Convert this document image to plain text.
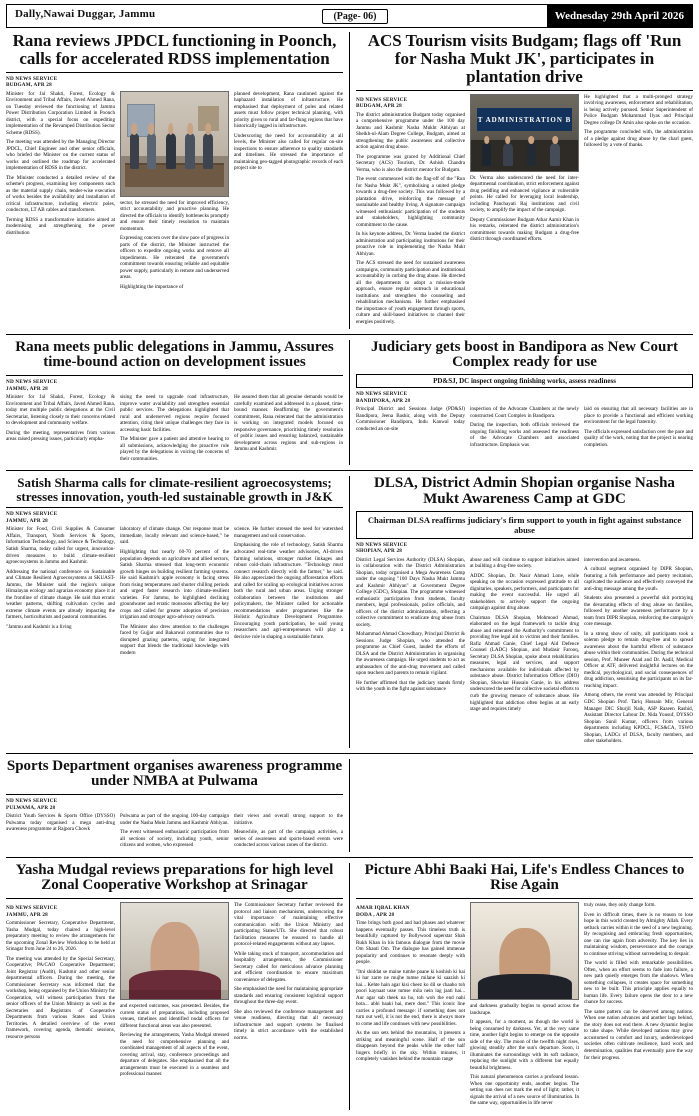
Dally,Nawai Duggar, Jammu	(Page- 06)	Wednesday 29th April 2026
Rana reviews JPDCL functioning in Poonch, calls for accelerated RDSS implementation
ND NEWS SERVICE
BUDGAM, APR 28

Minister for Jal Shakti, Forest, Ecology & Environment and Tribal Affairs, Javed Ahmed Rana, on Tuesday reviewed the functioning of Jammu Power Distribution Corporation Limited in Poonch district, with a special focus on expediting implementation of the Revamped Distribution Sector Scheme (RDSS).

The meeting was attended by the Managing Director JPDCL, Chief Engineer and other senior officials, who briefed the Minister on the current status of works and outlined the roadmap for accelerated implementation of RDSS in the district.

The Minister conducted a detailed review of the scheme's progress, examining key components such as the material supply chain, tender-wise execution of works besides the availability and installation of critical infrastructure, including electric poles, conductors, LT AB cables and transformers.

Terming RDSS a transformative initiative aimed at modernising and strengthening the power distribution

sector, he stressed the need for improved efficiency, strict accountability and proactive planning. He directed the officials to identify bottlenecks promptly and ensure their timely resolution to maintain momentum.

Expressing concern over the slow pace of progress in parts of the district, the Minister instructed the officers to expedite ongoing works and remove all impediments. He reiterated the government's commitment towards ensuring reliable and equitable power supply, particularly in remote and underserved areas.

Highlighting the importance of

planned development, Rana cautioned against the haphazard installation of infrastructure. He emphasised that deployment of poles and related assets must follow proper technical planning, with priority given to rural and far-flung regions that have historically lagged in infrastructure.

Underscoring the need for accountability at all levels, the Minister also called for regular on-site inspections to ensure adherence to quality standards and timelines. He stressed the importance of maintaining geo-tagged photographic records of each project site to

ACS Tourism visits Budgam; flags off 'Run for Nasha Mukt JK', participates in plantation drive
ND NEWS SERVICE
BUDGAM, APR 28

The district administration Budgam today organised a comprehensive programme under the 100 day Jammu and Kashmir Nasha Mukht Abhiyan at Sheikh-ul-Alam Degree College, Budgam, aimed at strengthening the public awareness and collective action against drug abuse.

The programme was graced by Additional Chief Secretary (ACS) Tourism, Dr. Ashish Chandra Verma, who is also the district mentor for Budgam.

The event commenced with the flag-off of the "Run for Nasha Mukt JK", symbolising a united pledge towards a drug-free society. This was followed by a plantation drive, reinforcing the message of sustainable and healthy living. A signature campaign witnessed enthusiastic participation of the students and stakeholders, highlighting community commitment to the cause.

In his keynote address, Dr. Verma lauded the district administration and participating institutions for their proactive role in implementing the Nasha Mukt Abhiyan.

The ACS stressed the need for sustained awareness campaigns, community participation and institutional accountability in curbing the drug abuse. He directed all the departments to adopt a mission-mode approach, ensure regular outreach in educational institutions and strengthen the counseling and rehabilitation mechanisms. He further emphasised the importance of youth engagement through sports, culture and skill-based initiatives to channel their energies positively.

T ADMINISTRATION B

Dr. Verma also underscored the need for inter-departmental coordination, strict enforcement against drug peddling and enhanced vigilance at vulnerable points. He called for leveraging local leadership, including Panchayati Raj institutions and civil society, to amplify the impact of the campaign.

Deputy Commissioner Budgam Athar Aamir Khan in his remarks, reiterated the district administration's commitment towards making Budgam a drug-free district through coordinated efforts.

He highlighted that a multi-pronged strategy involving awareness, enforcement and rehabilitation, is being actively pursued. Senior Superintendent of Police Budgam Mohammad Ilyas and Principal Degree college Dr Amin also spoke on the occasion.

The programme concluded with, the administration of a pledge against drug abuse by the charl guest, followed by a vote of thanks.

Rana meets public delegations in Jammu, Assures time-bound action on development issues
ND NEWS SERVICE
JAMMU, APR 28

Minister for Jal Shakti, Forest, Ecology & Environment and Tribal Affairs, Javed Ahmed Rana, today met multiple public delegations at the Civil Secretariat, listening closely to their concerns related to development and community welfare.

During the meeting, representatives from various areas raised pressing issues, particularly empha-

sising the need to upgrade road infrastructure, improve water availability and strengthen essential public services. The delegations highlighted that rural and underserved regions require focused attention, citing their unique challenges they face in accessing basic facilities.

The Minister gave a patient and attentive hearing to all submissions, acknowledging the proactive role played by the delegations in voicing the concerns of their communities.

He assured them that all genuine demands would be carefully examined and addressed in a phased, time-bound manner. Reaffirming the government's commitment, Rana reiterated that the administration is working on integrated models focused on responsive governance, prioritising timely resolution of public issues and ensuring balanced, sustainable development across regions and sub-regions in Jammu and Kashmir.

Judiciary gets boost in Bandipora as New Court Complex ready for use
PD&SJ, DC inspect ongoing finishing works, assess readiness
ND NEWS SERVICE
BANDIPORA, APR 28

Principal District and Sessions Judge (PD&SJ) Bandipora, Jeena Bashir, along with the Deputy Commissioner Bandipora, Indu Kanwal today conducted an on-site

inspection of the Advocate Chambers at the newly constructed Court Complex in Bandipora.

During the inspection, both officials reviewed the ongoing finishing works and assessed the readiness of the Advocate Chambers and associated infrastructure. Emphasis was

laid on ensuring that all necessary facilities are in place to provide a functional and efficient working environment for the legal fraternity.

The officials expressed satisfaction over the pace and quality of the work, noting that the project is nearing completion.

Satish Sharma calls for climate-resilient agroecosystems; stresses innovation, youth-led sustainable growth in J&K
ND NEWS SERVICE
JAMMU, APR 28

Minister for Food, Civil Supplies & Consumer Affairs, Transport, Youth Services & Sports, Information Technology, and Science & Technology, Satish Sharma, today called for urgent, innovation-driven measures to build climate-resilient agroecosystems in Jammu and Kashmir.

Addressing the national conference on Sustainable and Climate Resilient Agroecosystems at SKUAST-Jammu, the Minister said the region's unique Himalayan ecology and agrarian economy place it at the frontline of climate change. He said that erratic weather patterns, shifting cultivation cycles and extreme climate events are already impacting the farmers, horticulturists and pastoral communities.

"Jammu and Kashmir is a living

laboratory of climate change. Our response must be immediate, locally relevant and science-based," he said.

Highlighting that nearly 60-70 percent of the population depends on agriculture and allied sectors, Satish Sharma stressed that long-term economic growth hinges on building resilient farming systems. He said Kashmir's apple economy is facing stress from rising temperatures and shorter chilling periods and urged faster research into climate-resilient varieties. For Jammu, he highlighted declining groundwater and erratic monsoons affecting the key crops and called for greater adoption of precision irrigation and stronger agro-advisory outreach.

The Minister also drew attention to the challenges faced by Gujjar and Bakarwal communities due to disrupted grazing patterns, urging for integrated support that blends the traditional knowledge with modern

science. He further stressed the need for watershed management and soil conservation.

Emphasising the role of technology, Satish Sharma advocated real-time weather advisories, AI-driven farming solutions, stronger market linkages and robust cold-chain infrastructure. "Technology must connect research directly with the farmer," he said. He also appreciated the ongoing afforestation efforts and called for scaling up ecological initiatives across both the rural and urban areas. Urging stronger collaboration between the institutions and policymakers, the Minister called for actionable recommendations under programmes like the Holistic Agriculture Development Programme. Encouraging youth participation, he said young researchers and agri-entrepreneurs will play a decisive role in shaping a sustainable future.

DLSA, District Admin Shopian organise Nasha Mukt Awareness Camp at GDC
Chairman DLSA reaffirms judiciary's firm support to youth in fight against substance abuse
ND NEWS SERVICE
SHOPIAN, APR 28

District Legal Services Authority (DLSA) Shopian, in collaboration with the District Administration Shopian, today organised a Mega Awareness Camp under the ongoing "100 Days Nasha Mukt Jammu and Kashmir Abhiyan" at Government Degree College (GDC), Shopian. The programme witnessed enthusiastic participation from students, faculty members, legal professionals, police officials, and officers of the district administration, reflecting a collective commitment to eradicate drug abuse from society.

Mohammad Ahmad Chowdhary, Principal District & Sessions Judge Shopian, who attended the programme as Chief Guest, lauded the efforts of DLSA and the District Administration in organising the awareness campaign. He urged students to act as ambassadors of the anti-drug movement and called upon teachers and parents to remain vigilant.

He further affirmed that the judiciary stands firmly with the youth in the fight against substance

abuse and will continue to support initiatives aimed at building a drug-free society.

ADDC Shopian, Dr. Nasir Ahmad Lone, while speaking on the occasion expressed gratitude to all dignitaries, speakers, performers, and participants for making the event successful. He urged all stakeholders to actively support the ongoing campaign against drug abuse.

Chairman DLSA Shopian, Mohmood Ahmad, elaborated on the legal framework to tackle drug abuse and reiterated the Authority's commitment to providing free legal aid to victims and their families. Rafiz Ahmad Ganie, Chief Legal Aid Defence Counsel (LADC) Shopian, and Mudasir Farooq, Secretary DLSA Shopian, spoke about rehabilitation measures, legal aid services, and support mechanisms available for individuals affected by substance abuse. District Information Officer (DIO) Shopian, Showkat Hussain Ganie, in his address underscored the need for collective societal efforts to curb the growing menace of substance abuse. He highlighted that addiction often begins at an early stage and requires timely

intervention and awareness.

A cultural segment organised by DIPR Shopian, featuring a folk performance and poetry recitation, captivated the audience and effectively conveyed the anti-drug message among the youth.

Students also presented a powerful skit portraying the devastating effects of drug abuse on families, followed by another awareness performance by a team from DIPR Shopian, reinforcing the campaign's core message.

In a strong show of unity, all participants took a solemn pledge to remain drug-free and to spread awareness about the harmful effects of substance abuse within their communities. During the technical session, Prof. Muneer Azad and Dr. Aadil, Medical Officer at ATF, delivered insightful lectures on the medical, psychological, and social consequences of drug addiction, sensitising the participants on its far-reaching impact.

Among others, the event was attended by Principal GDC Shopian Prof. Tariq Hussain Mir, General Manager DIC Shurjil Naik, ASP Razeen Rashid, Assistant Director Labour Dr. Nida Yousuf, DYSSO Shopian Sunil Kumar, officers from various departments including KPDCL, FCS&CA, TSWO Shopian, LADCs of DLSA, faculty members, and other stakeholders.

Sports Department organises awareness programme under NMBA at Pulwama
ND NEWS SERVICE
PULWAMA, APR 28

District Youth Services & Sports Office (DYSSO) Pulwama today organised a mega anti-drug awareness programme at Rajpora Chowk

Pulwama as part of the ongoing 100-day campaign under the Nasha Mukt Jammu and Kashmir Abhiyan.

The event witnessed enthusiastic participation from all sections of society, including youth, senior citizens and women, who expressed

their views and overall strong support to the initiative.

Meanwhile, as part of the campaign activities, a series of awareness and sports-based events were conducted across various zones of the district.

Yasha Mudgal reviews preparations for high level Zonal Cooperative Workshop at Srinagar
ND NEWS SERVICE
JAMMU, APR 28

Commissioner Secretary, Cooperative Department, Yasha Mudgal, today chaired a high-level preparatory meeting to review the arrangements for the upcoming Zonal Review Workshop to be held at Srinagar from June 24 to 26, 2026.

The meeting was attended by the Special Secretary, Cooperative; PA/CAO Cooperative Department; Joint Registrar (Audit), Kashmir and other senior departmental officers. During the meeting, the Commissioner Secretary was informed that the workshop, being organised by the Union Ministry for Cooperation, will witness participation from the senior officers of the Union Ministry as well as the Secretaries and Registrars of Cooperative Departments from various States and Union Territories. A detailed overview of the event framework, covering agenda, thematic sessions, resource persons

and expected outcomes, was presented. Besides, the current status of preparations, including proposed venues, timelines and identified nodal officers for different functional areas was also presented.

Reviewing the arrangements, Yasha Mudgal stressed the need for comprehensive planning and coordinated management of all aspects of the event, covering arrival, stay, conference proceedings and departure of delegates. She emphasised that all the arrangements must be executed in a seamless and professional manner.

The Commissioner Secretary further reviewed the protocol and liaison mechanisms, underscoring the vital importance of maintaining effective communication with the Union Ministry and participating States/UTs. She directed that robust facilitation measures be ensured to handle all protocol-related engagements without any lapses.

While taking stock of transport, accommodation and hospitality arrangements, the Commissioner Secretary called for meticulous advance planning and efficient coordination to ensure maximum convenience of delegates.

She emphasised the need for maintaining appropriate standards and ensuring consistent logistical support throughout the three-day event.

She also reviewed the conference management and venue readiness, directing that all necessary infrastructure and support systems be finalised timely in strict accordance with the established norms.

Picture Abhi Baaki Hai, Life's Endless Chances to Rise Again
AMAR IQBAL KHAN
DODA , APR 28

Time brings both good and bad phases and whatever happens eventually passes. This timeless truth is beautifully captured by Bollywood superstar Shah Rukh Khan in his famous dialogue from the movie Om Shanti Om. The dialogue has gained immense popularity and continues to resonate deeply with people.

"Itni shiddat se maine tumhe paane ki koshish ki hai ki har zarre ne mujhe tumse milane ki saazish ki hai... Kehte hain agar kisi cheez ko dil se chaaho toh poori kaynaat usse tumse mila nein lag jaati hai... Aur agar sab theek na ho, toh woh the end nahi hota... abhi baaki hai, mere dost." This iconic line carries a profound message: if something does not turn out well, it is not the end, there is always more to come and life continues with new possibilities.

As the sun sets behind the mountains, it presents a striking and meaningful scene. Half of the sun disappears beyond the peaks while the other half lingers briefly in the sky. Within minutes, it completely vanishes behind the mountain range

and darkness gradually begins to spread across the landscape.

It appears, for a moment, as though the world is being consumed by darkness. Yet, at the very same time, another light begins to emerge on the opposite side of the sky. The moon of the twelfth night rises, glowing steadily after the sun's departure. Soon, it illuminates the surroundings with its soft radiance, replacing the sunlight with a different but equally beautiful brightness.

This natural phenomenon carries a profound lesson. When one opportunity ends, another begins. The setting sun does not mark the end of light; rather, it signals the arrival of a new source of illumination. In the same way, opportunities in life never

truly cease, they only change form.

Even in difficult times, there is no reason to lose hope in this world created by Almighty Allah. Every setback carries within it the seed of a new beginning. By recognising and embracing fresh opportunities, one can rise again from adversity. The key lies in maintaining wisdom, perseverance and the courage to continue striving without surrendering to despair.

The world is filled with remarkable possibilities. Often, when an effort seems to fade into failure, a new path quietly emerges from the shadows. When something collapses, it creates space for something new to be built. This principle applies equally to human life. Every failure opens the door to a new chance for success.

The same pattern can be observed among nations. When one nation advances and another lags behind, the story does not end there. A new dynamic begins to take shape. While developed nations may grow accustomed to comfort and luxury, underdeveloped societies often cultivate resilience, hard work and determination, qualities that eventually pave the way for their progress.
